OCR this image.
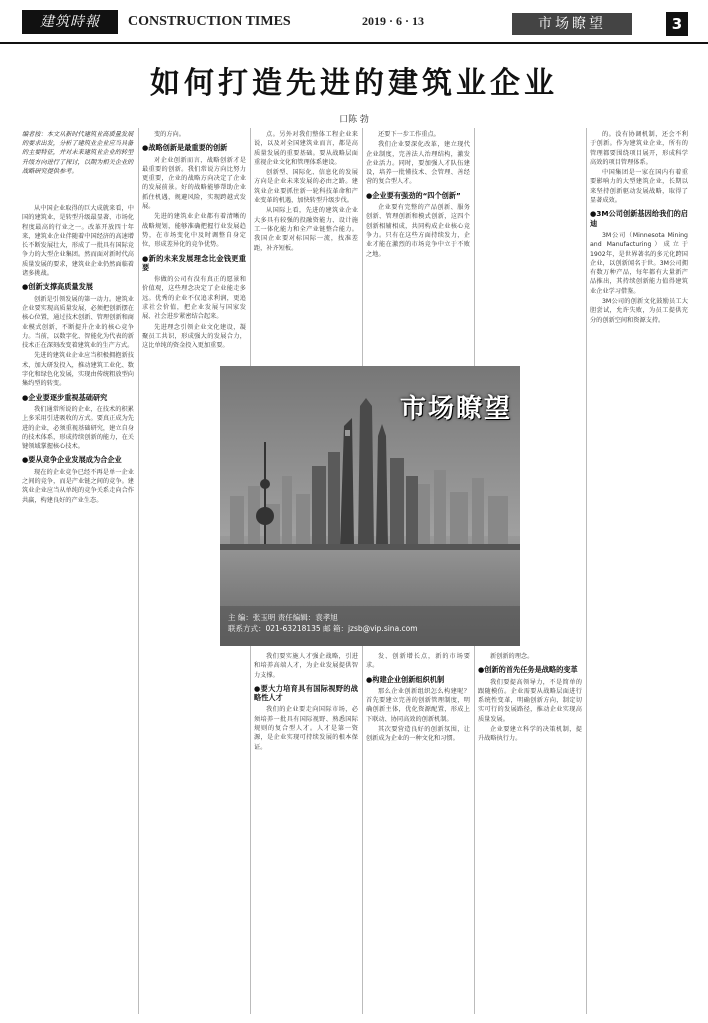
建筑時報	CONSTRUCTION TIMES	2019 · 6 · 13	市场瞭望	3
如何打造先进的建筑业企业
口陈 勃
编者按：本文从新时代建筑业高质量发展的要求出发，分析了建筑业企业应当具备的主要特征，并对未来建筑业企业的转型升级方向进行了探讨，以期为相关企业的战略研究提供参考。

从中国企业取得的巨大成就来看，中国的建筑业，是转型升级最显著、市场化程度最高的行业之一。改革开放四十年来，建筑业企业伴随着中国经济的高速增长不断发展壮大，形成了一批具有国际竞争力的大型企业集团。然而面对新时代高质量发展的要求，建筑业企业仍然面临着诸多挑战。

●创新支撑高质量发展

创新是引领发展的第一动力。建筑业企业要实现高质量发展，必须把创新摆在核心位置，通过技术创新、管理创新和商业模式创新，不断提升企业的核心竞争力。当前，以数字化、智能化为代表的新技术正在深刻改变着建筑业的生产方式。

先进的建筑业企业应当积极拥抱新技术，加大研发投入，推动建筑工业化、数字化和绿色化发展，实现由传统粗放型向集约型的转变。

●企业要逐步重视基础研究

我们通常所说的企业，在技术的积累上多采用引进吸收的方式。要真正成为先进的企业，必须重视基础研究，建立自身的技术体系，形成持续创新的能力，在关键领域掌握核心技术。

●要从竞争企业发展成为合企业

现在的企业竞争已经不再是单一企业之间的竞争，而是产业链之间的竞争。建筑业企业应当从单纯的竞争关系走向合作共赢，构建良好的产业生态。

变的方向。

●战略创新是最重要的创新

对企业创新而言，战略创新才是最重要的创新。我们常说方向比努力更重要，企业的战略方向决定了企业的发展前景。好的战略能够帮助企业抓住机遇，规避风险，实现跨越式发展。

先进的建筑业企业都有着清晰的战略规划，能够准确把握行业发展趋势，在市场变化中及时调整自身定位，形成差异化的竞争优势。

●新的未来发展理念比金钱更重要

你做的公司有没有真正的愿景和价值观，这些理念决定了企业能走多远。优秀的企业不仅追求利润，更追求社会价值，把企业发展与国家发展、社会进步紧密结合起来。

先进理念引领企业文化建设，凝聚员工共识，形成强大的发展合力，这比单纯的资金投入更加重要。

点。另外对我们整体工程企业来说，以及对全国建筑业而言，都是高质量发展的重要基础。要从战略层面重视企业文化和管理体系建设。

创新型、国际化、信息化的发展方向是企业未来发展的必由之路。建筑业企业要抓住新一轮科技革命和产业变革的机遇，加快转型升级步伐。

从国际上看，先进的建筑业企业大多具有较强的投融资能力、设计施工一体化能力和全产业链整合能力。我国企业要对标国际一流，找准差距，补齐短板。

还要下一步工作重点。

我们企业要深化改革，建立现代企业制度，完善法人治理结构，激发企业活力。同时，要加强人才队伍建设，培养一批懂技术、会管理、善经营的复合型人才。

●企业要有强劲的“四个创新”

企业要有完整的产品创新、服务创新、管理创新和模式创新，这四个创新相辅相成，共同构成企业核心竞争力。只有在这些方面持续发力，企业才能在激烈的市场竞争中立于不败之地。

的。没有协调机制，还会不利于创新。作为建筑业企业，所有的管理都要围绕项目展开，形成科学高效的项目管理体系。

中国集团是一家在国内有着重要影响力的大型建筑企业，长期以来坚持创新驱动发展战略，取得了显著成效。

●3M公司创新基因给我们的启迪

3M公司（Minnesota Mining and Manufacturing）成立于1902年，是世界著名的多元化跨国企业，以创新闻名于世。3M公司拥有数万种产品，每年都有大量新产品推出，其持续创新能力值得建筑业企业学习借鉴。

3M公司的创新文化鼓励员工大胆尝试，允许失败，为员工提供充分的创新空间和资源支持。

我们要实施人才强企战略，引进和培养高端人才，为企业发展提供智力支撑。

●要大力培育具有国际视野的战略性人才

我们的企业要走向国际市场，必须培养一批具有国际视野、熟悉国际规则的复合型人才。人才是第一资源，是企业实现可持续发展的根本保证。

发、创新增长点，新的市场要求。

●构建企业创新组织机制

那么企业创新组织怎么构建呢？首先要建立完善的创新管理制度，明确创新主体，优化资源配置，形成上下联动、协同高效的创新机制。

其次要营造良好的创新氛围，让创新成为企业的一种文化和习惯。

新创新的理念。

●创新的首先任务是战略的变革

我们要提高领导力，不是简单的跟随模仿。企业需要从战略层面进行系统性变革，明确创新方向，制定切实可行的发展路径，推动企业实现高质量发展。

企业要建立科学的决策机制，提升战略执行力。

市场瞭望
主 编：张玉明 责任编辑：袁孝旭
联系方式：021-63218135 邮 箱：jzsb@vip.sina.com
